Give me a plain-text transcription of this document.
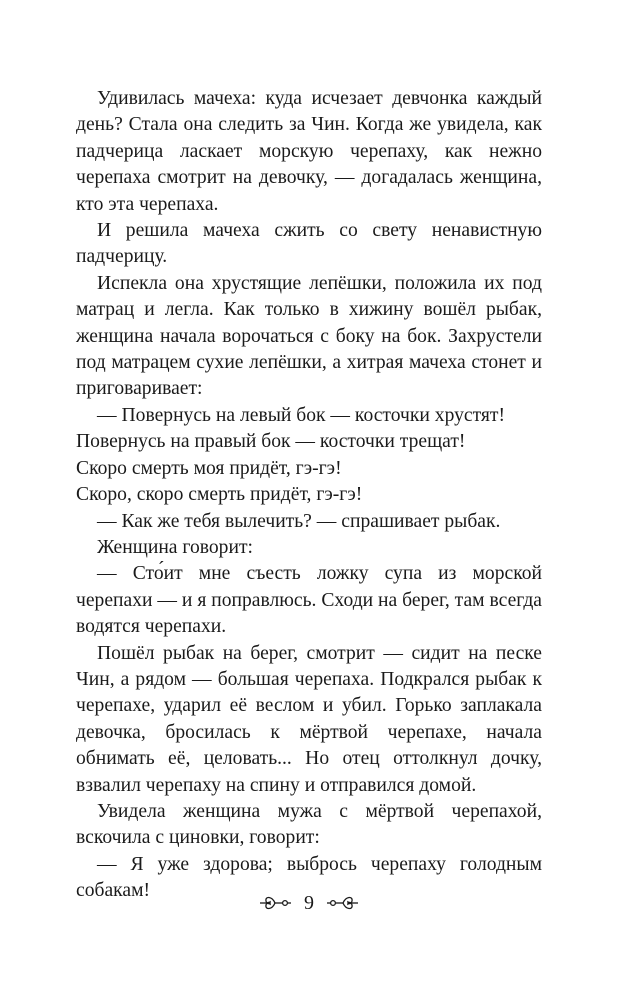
Удивилась мачеха: куда исчезает девчонка каждый день? Стала она следить за Чин. Когда же увидела, как падчерица ласкает морскую черепаху, как нежно черепаха смотрит на девочку, — догадалась женщина, кто эта черепаха.

И решила мачеха сжить со свету ненавистную падчерицу.

Испекла она хрустящие лепёшки, положила их под матрац и легла. Как только в хижину вошёл рыбак, женщина начала ворочаться с боку на бок. Захрустели под матрацем сухие лепёшки, а хитрая мачеха стонет и приговаривает:

— Повернусь на левый бок — косточки хрустят!
Повернусь на правый бок — косточки трещат!
Скоро смерть моя придёт, гэ-гэ!
Скоро, скоро смерть придёт, гэ-гэ!

— Как же тебя вылечить? — спрашивает рыбак.

Женщина говорит:

— Сто́ит мне съесть ложку супа из морской черепахи — и я поправлюсь. Сходи на берег, там всегда водятся черепахи.

Пошёл рыбак на берег, смотрит — сидит на песке Чин, а рядом — большая черепаха. Подкрался рыбак к черепахе, ударил её веслом и убил. Горько заплакала девочка, бросилась к мёртвой черепахе, начала обнимать её, целовать... Но отец оттолкнул дочку, взвалил черепаху на спину и отправился домой.

Увидела женщина мужа с мёртвой черепахой, вскочила с циновки, говорит:

— Я уже здорова; выбрось черепаху голодным собакам!

9
